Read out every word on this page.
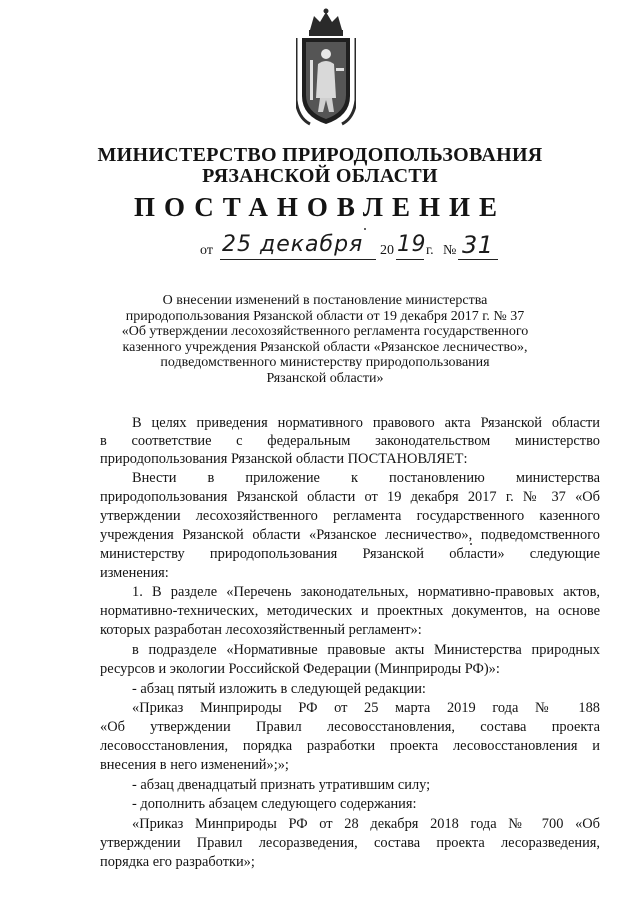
МИНИСТЕРСТВО ПРИРОДОПОЛЬЗОВАНИЯ
РЯЗАНСКОЙ ОБЛАСТИ
ПОСТАНОВЛЕНИЕ
от 25 декабря 20 19 г. № 31
О внесении изменений в постановление министерства
природопользования Рязанской области от 19 декабря 2017 г. № 37
«Об утверждении лесохозяйственного регламента государственного
казенного учреждения Рязанской области «Рязанское лесничество»,
подведомственного министерству природопользования
Рязанской области»
В целях приведения нормативного правового акта Рязанской области
в соответствие с федеральным законодательством министерство
природопользования Рязанской области ПОСТАНОВЛЯЕТ:
Внести в приложение к постановлению министерства
природопользования Рязанской области от 19 декабря 2017 г. № 37 «Об
утверждении лесохозяйственного регламента государственного казенного
учреждения Рязанской области «Рязанское лесничество», подведомственного
министерству природопользования Рязанской области» следующие
изменения:
1. В разделе «Перечень законодательных, нормативно-правовых актов,
нормативно-технических, методических и проектных документов, на основе
которых разработан лесохозяйственный регламент»:
в подразделе «Нормативные правовые акты Министерства природных
ресурсов и экологии Российской Федерации (Минприроды РФ)»:
- абзац пятый изложить в следующей редакции:
«Приказ Минприроды РФ от 25 марта 2019 года № 188
«Об утверждении Правил лесовосстановления, состава проекта
лесовосстановления, порядка разработки проекта лесовосстановления и
внесения в него изменений»;»;
- абзац двенадцатый признать утратившим силу;
- дополнить абзацем следующего содержания:
«Приказ Минприроды РФ от 28 декабря 2018 года № 700 «Об
утверждении Правил лесоразведения, состава проекта лесоразведения,
порядка его разработки»;
